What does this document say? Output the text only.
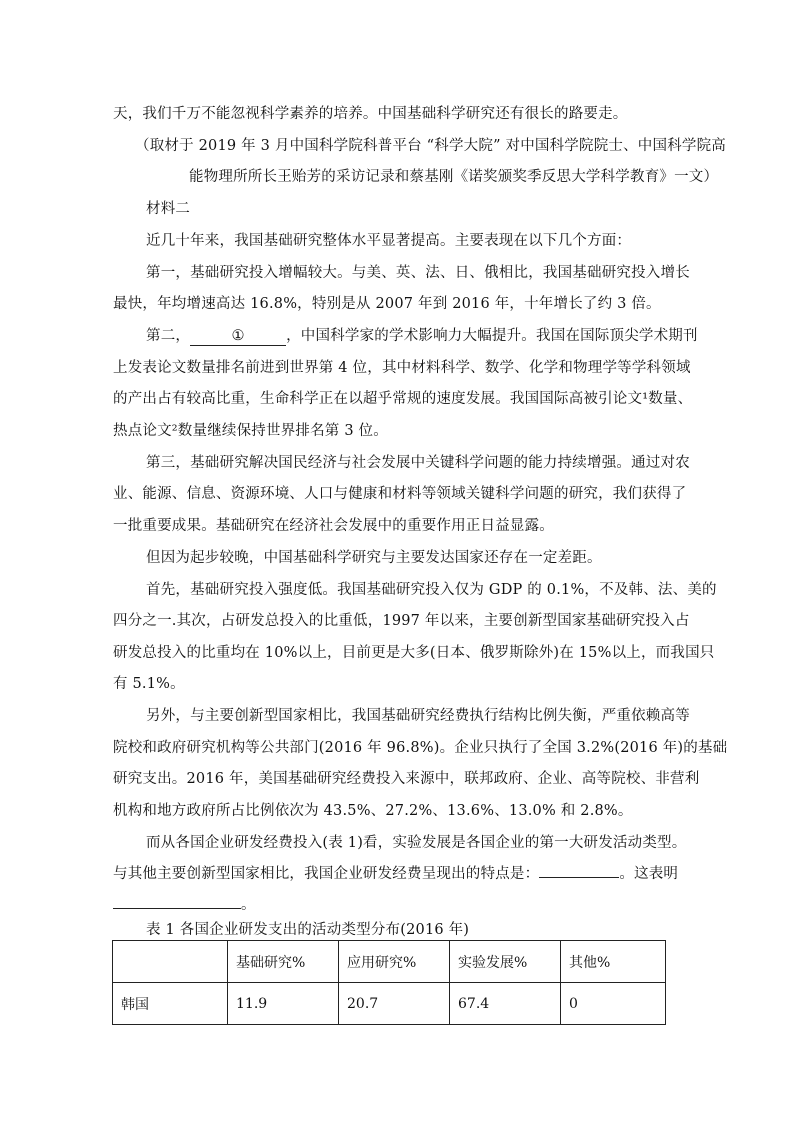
天，我们千万不能忽视科学素养的培养。中国基础科学研究还有很长的路要走。
（取材于 2019 年 3 月中国科学院科普平台 “科学大院” 对中国科学院院士、中国科学院高
能物理所所长王贻芳的采访记录和蔡基刚《诺奖颁奖季反思大学科学教育》一文）
材料二
近几十年来，我国基础研究整体水平显著提高。主要表现在以下几个方面：
第一，基础研究投入增幅较大。与美、英、法、日、俄相比，我国基础研究投入增长
最快，年均增速高达 16.8%，特别是从 2007 年到 2016 年，十年增长了约 3 倍。
第二，	①	，中国科学家的学术影响力大幅提升。我国在国际顶尖学术期刊
上发表论文数量排名前进到世界第 4 位，其中材料科学、数学、化学和物理学等学科领域
的产出占有较高比重，生命科学正在以超乎常规的速度发展。我国国际高被引论文¹数量、
热点论文²数量继续保持世界排名第 3 位。
第三，基础研究解决国民经济与社会发展中关键科学问题的能力持续增强。通过对农
业、能源、信息、资源环境、人口与健康和材料等领域关键科学问题的研究，我们获得了
一批重要成果。基础研究在经济社会发展中的重要作用正日益显露。
但因为起步较晚，中国基础科学研究与主要发达国家还存在一定差距。
首先，基础研究投入强度低。我国基础研究投入仅为 GDP 的 0.1%，不及韩、法、美的
四分之一.其次，占研发总投入的比重低，1997 年以来，主要创新型国家基础研究投入占
研发总投入的比重均在 10%以上，目前更是大多(日本、俄罗斯除外)在 15%以上，而我国只
有 5.1%。
另外，与主要创新型国家相比，我国基础研究经费执行结构比例失衡，严重依赖高等
院校和政府研究机构等公共部门(2016 年 96.8%)。企业只执行了全国 3.2%(2016 年)的基础
研究支出。2016 年，美国基础研究经费投入来源中，联邦政府、企业、高等院校、非营利
机构和地方政府所占比例依次为 43.5%、27.2%、13.6%、13.0% 和 2.8%。
而从各国企业研发经费投入(表 1)看，实验发展是各国企业的第一大研发活动类型。
与其他主要创新型国家相比，我国企业研发经费呈现出的特点是：	。这表明
。
表 1 各国企业研发支出的活动类型分布(2016 年)
	基础研究%	应用研究%	实验发展%	其他%
韩国	11.9	20.7	67.4	0
